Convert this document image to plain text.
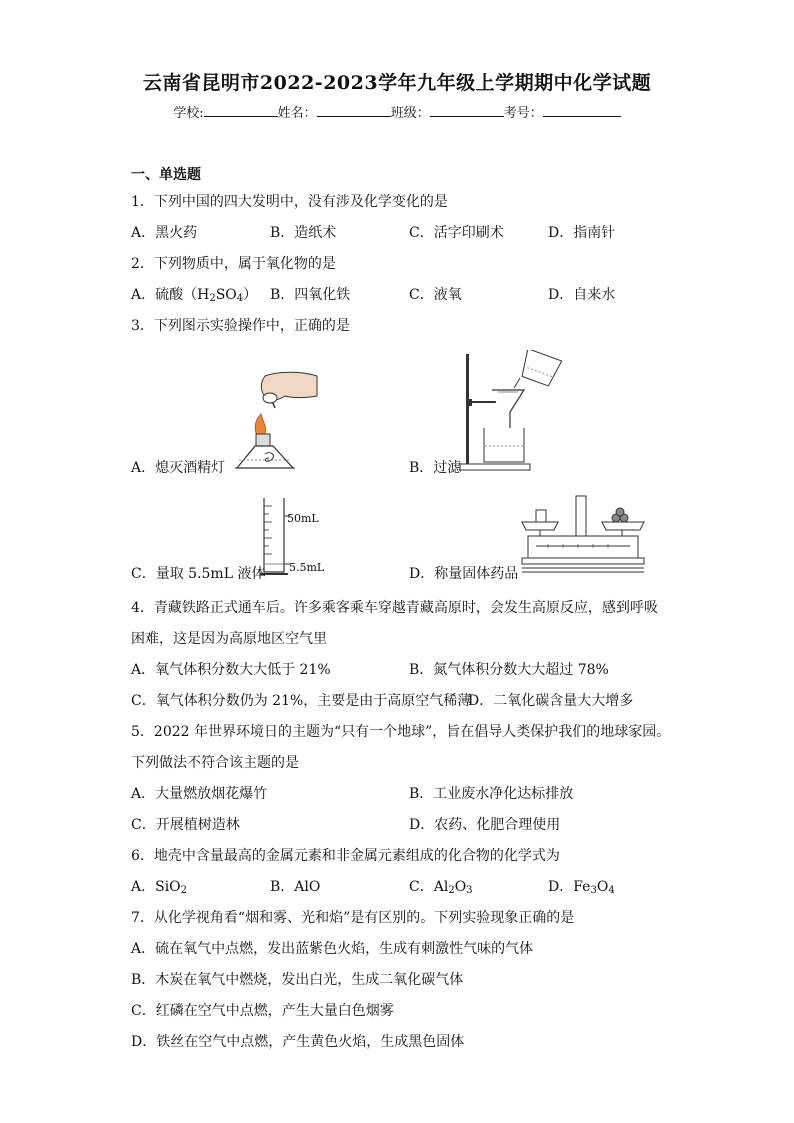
云南省昆明市2022-2023学年九年级上学期期中化学试题
学校:	姓名：	班级：	考号：
一、单选题
1．下列中国的四大发明中，没有涉及化学变化的是
A．黑火药	B．造纸术	C．活字印刷术	D．指南针
2．下列物质中，属于氧化物的是
A．硫酸$(H_2SO_4)$ B．四氧化铁	C．液氧	D．自来水
3．下列图示实验操作中，正确的是
A．熄灭酒精灯	B．过滤
50mL
5.5mL
C．量取 5.5mL 液体	D．称量固体药品
4．青藏铁路正式通车后。许多乘客乘车穿越青藏高原时，会发生高原反应，感到呼吸
困难，这是因为高原地区空气里
A．氧气体积分数大大低于 21%	B．氮气体积分数大大超过 78%
C．氧气体积分数仍为 21%，主要是由于高原空气稀薄
D．二氧化碳含量大大增多
5．2022 年世界环境日的主题为“只有一个地球”，旨在倡导人类保护我们的地球家园。
下列做法不符合该主题的是
A．大量燃放烟花爆竹	B．工业废水净化达标排放
C．开展植树造林	D．农药、化肥合理使用
6．地壳中含量最高的金属元素和非金属元素组成的化合物的化学式为
A．SiO$_2$	B．AlO	C．$Al_2O_3$	D．$Fe_3O_4$
7．从化学视角看“烟和雾、光和焰”是有区别的。下列实验现象正确的是
A．硫在氧气中点燃，发出蓝紫色火焰，生成有刺激性气味的气体
B．木炭在氧气中燃烧，发出白光，生成二氧化碳气体
C．红磷在空气中点燃，产生大量白色烟雾
D．铁丝在空气中点燃，产生黄色火焰，生成黑色固体
